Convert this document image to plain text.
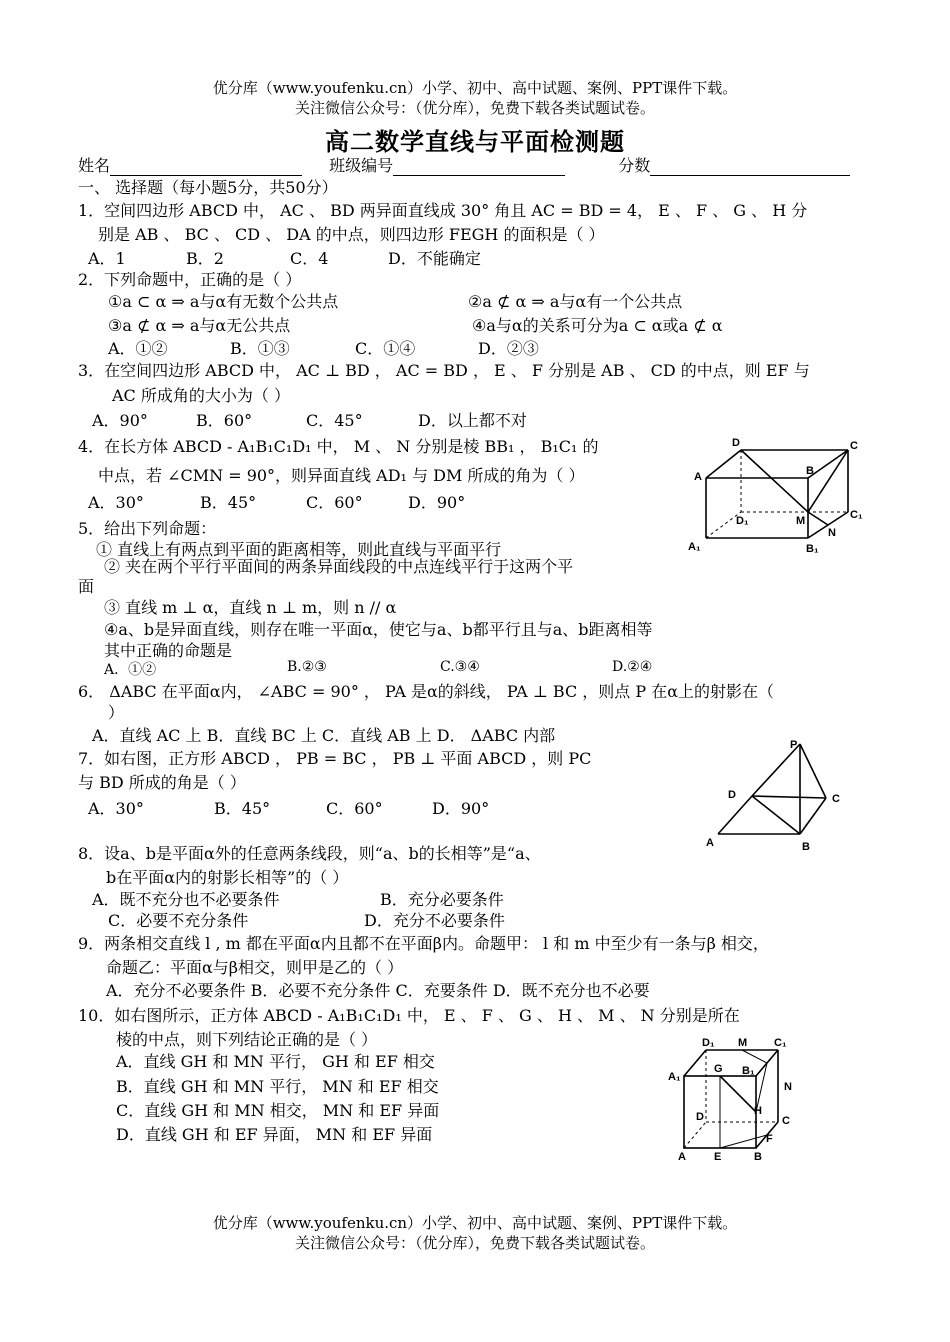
优分库（www.youfenku.cn）小学、初中、高中试题、案例、PPT课件下载。
关注微信公众号：（优分库），免费下载各类试题试卷。
高二数学直线与平面检测题
姓名	班级编号	分数
一、 选择题（每小题5分，共50分）
1．空间四边形 ABCD 中， AC 、 BD 两异面直线成 30° 角且 AC = BD = 4， E 、 F 、 G 、 H 分
别是 AB 、 BC 、 CD 、 DA 的中点，则四边形 FEGH 的面积是（ ）
A．1	B．2	C．4	D．不能确定
2．下列命题中，正确的是（ ）
①a ⊂ α ⇒ a与α有无数个公共点	②a ⊄ α ⇒ a与α有一个公共点
③a ⊄ α ⇒ a与α无公共点	④a与α的关系可分为a ⊂ α或a ⊄ α
A．①②	B．①③	C．①④	D．②③
3．在空间四边形 ABCD 中， AC ⊥ BD ， AC = BD ， E 、 F 分别是 AB 、 CD 的中点，则 EF 与
AC 所成角的大小为（ ）
A．90°	B．60°	C．45°	D．以上都不对
4．在长方体 ABCD - A₁B₁C₁D₁ 中， M 、 N 分别是棱 BB₁ ， B₁C₁ 的
中点，若 ∠CMN = 90°，则异面直线 AD₁ 与 DM 所成的角为（ ）
A．30°	B．45°	C．60°	D．90°
D	C
A	B
D₁	M	C₁
N
A₁	B₁
5．给出下列命题：
① 直线上有两点到平面的距离相等，则此直线与平面平行
② 夹在两个平行平面间的两条异面线段的中点连线平行于这两个平
面
③ 直线 m ⊥ α，直线 n ⊥ m，则 n // α
④a、b是异面直线，则存在唯一平面α，使它与a、b都平行且与a、b距离相等
其中正确的命题是
A．①②	B.②③	C.③④	D.②④
6． ΔABC 在平面α内， ∠ABC = 90° ， PA 是α的斜线， PA ⊥ BC ，则点 P 在α上的射影在（
）
A．直线 AC 上 B．直线 BC 上 C．直线 AB 上 D． ΔABC 内部
7．如右图，正方形 ABCD ， PB = BC ， PB ⊥ 平面 ABCD ，则 PC
与 BD 所成的角是（ ）
A．30°	B．45°	C．60°	D．90°
P
D	C
A	B
8．设a、b是平面α外的任意两条线段，则“a、b的长相等”是“a、
b在平面α内的射影长相等”的（ ）
A．既不充分也不必要条件	B．充分必要条件
C．必要不充分条件	D．充分不必要条件
9．两条相交直线 l , m 都在平面α内且都不在平面β内。命题甲： l 和 m 中至少有一条与β 相交，
命题乙：平面α与β相交，则甲是乙的（ ）
A．充分不必要条件 B．必要不充分条件 C．充要条件 D．既不充分也不必要
10．如右图所示，正方体 ABCD - A₁B₁C₁D₁ 中， E 、 F 、 G 、 H 、 M 、 N 分别是所在
棱的中点，则下列结论正确的是（ ）
A．直线 GH 和 MN 平行， GH 和 EF 相交
B．直线 GH 和 MN 平行， MN 和 EF 相交
C．直线 GH 和 MN 相交， MN 和 EF 异面
D．直线 GH 和 EF 异面， MN 和 EF 异面
D₁ M C₁
A₁
G B₁
N
D	H
C
F
A	E	B
优分库（www.youfenku.cn）小学、初中、高中试题、案例、PPT课件下载。
关注微信公众号：（优分库），免费下载各类试题试卷。
